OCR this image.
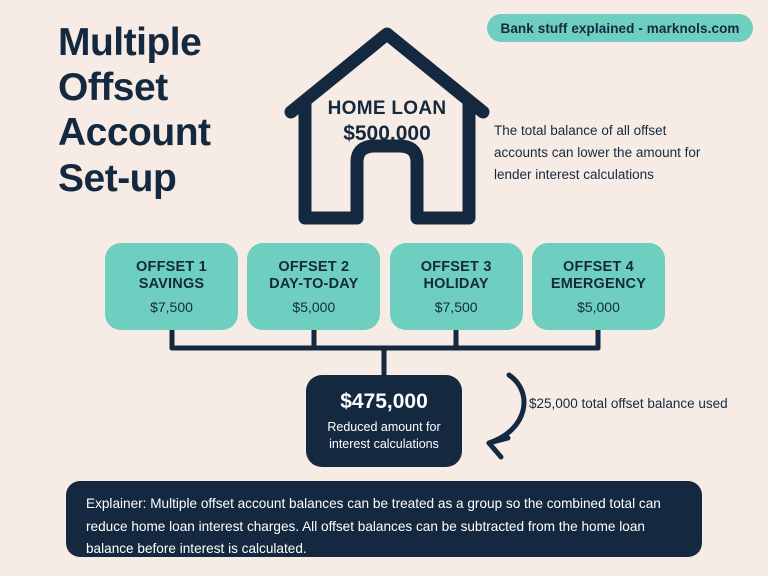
Bank stuff explained - marknols.com
Multiple
Offset
Account
Set-up
HOME LOAN
$500,000	The total balance of all offset accounts can lower the amount for lender interest calculations
OFFSET 1
SAVINGS
$7,500
OFFSET 2
DAY-TO-DAY
$5,000
OFFSET 3
HOLIDAY
$7,500
OFFSET 4
EMERGENCY
$5,000
$475,000
Reduced amount for interest calculations
$25,000 total offset balance used
Explainer: Multiple offset account balances can be treated as a group so the combined total can reduce home loan interest charges. All offset balances can be subtracted from the home loan balance before interest is calculated.
